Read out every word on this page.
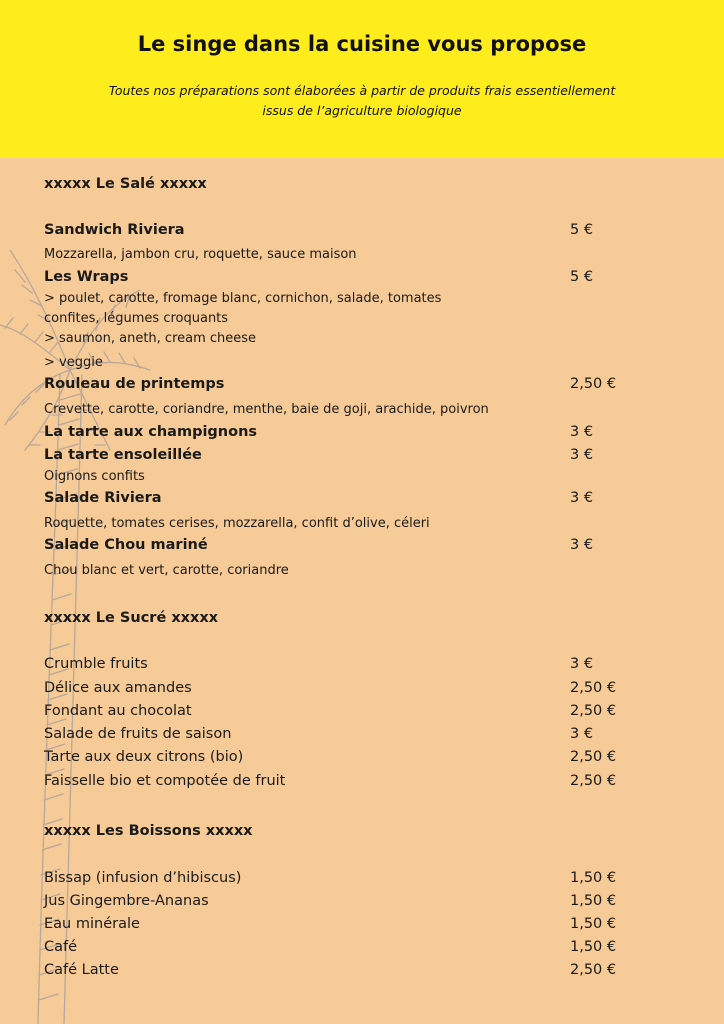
Le singe dans la cuisine vous propose
Toutes nos préparations sont élaborées à partir de produits frais essentiellement
issus de l’agriculture biologique
xxxxx Le Salé xxxxx
Sandwich Riviera	5 €
Mozzarella, jambon cru, roquette, sauce maison
Les Wraps	5 €
> poulet, carotte, fromage blanc, cornichon, salade, tomates
confites, légumes croquants
> saumon, aneth, cream cheese
> veggie
Rouleau de printemps	2,50 €
Crevette, carotte, coriandre, menthe, baie de goji, arachide, poivron
La tarte aux champignons	3 €
La tarte ensoleillée	3 €
Oignons confits
Salade Riviera	3 €
Roquette, tomates cerises, mozzarella, confit d’olive, céleri
Salade Chou mariné	3 €
Chou blanc et vert, carotte, coriandre
xxxxx Le Sucré xxxxx
Crumble fruits	3 €
Délice aux amandes	2,50 €
Fondant au chocolat	2,50 €
Salade de fruits de saison	3 €
Tarte aux deux citrons (bio)	2,50 €
Faisselle bio et compotée de fruit	2,50 €
xxxxx Les Boissons xxxxx
Bissap (infusion d’hibiscus)	1,50 €
Jus Gingembre-Ananas	1,50 €
Eau minérale	1,50 €
Café	1,50 €
Café Latte	2,50 €
